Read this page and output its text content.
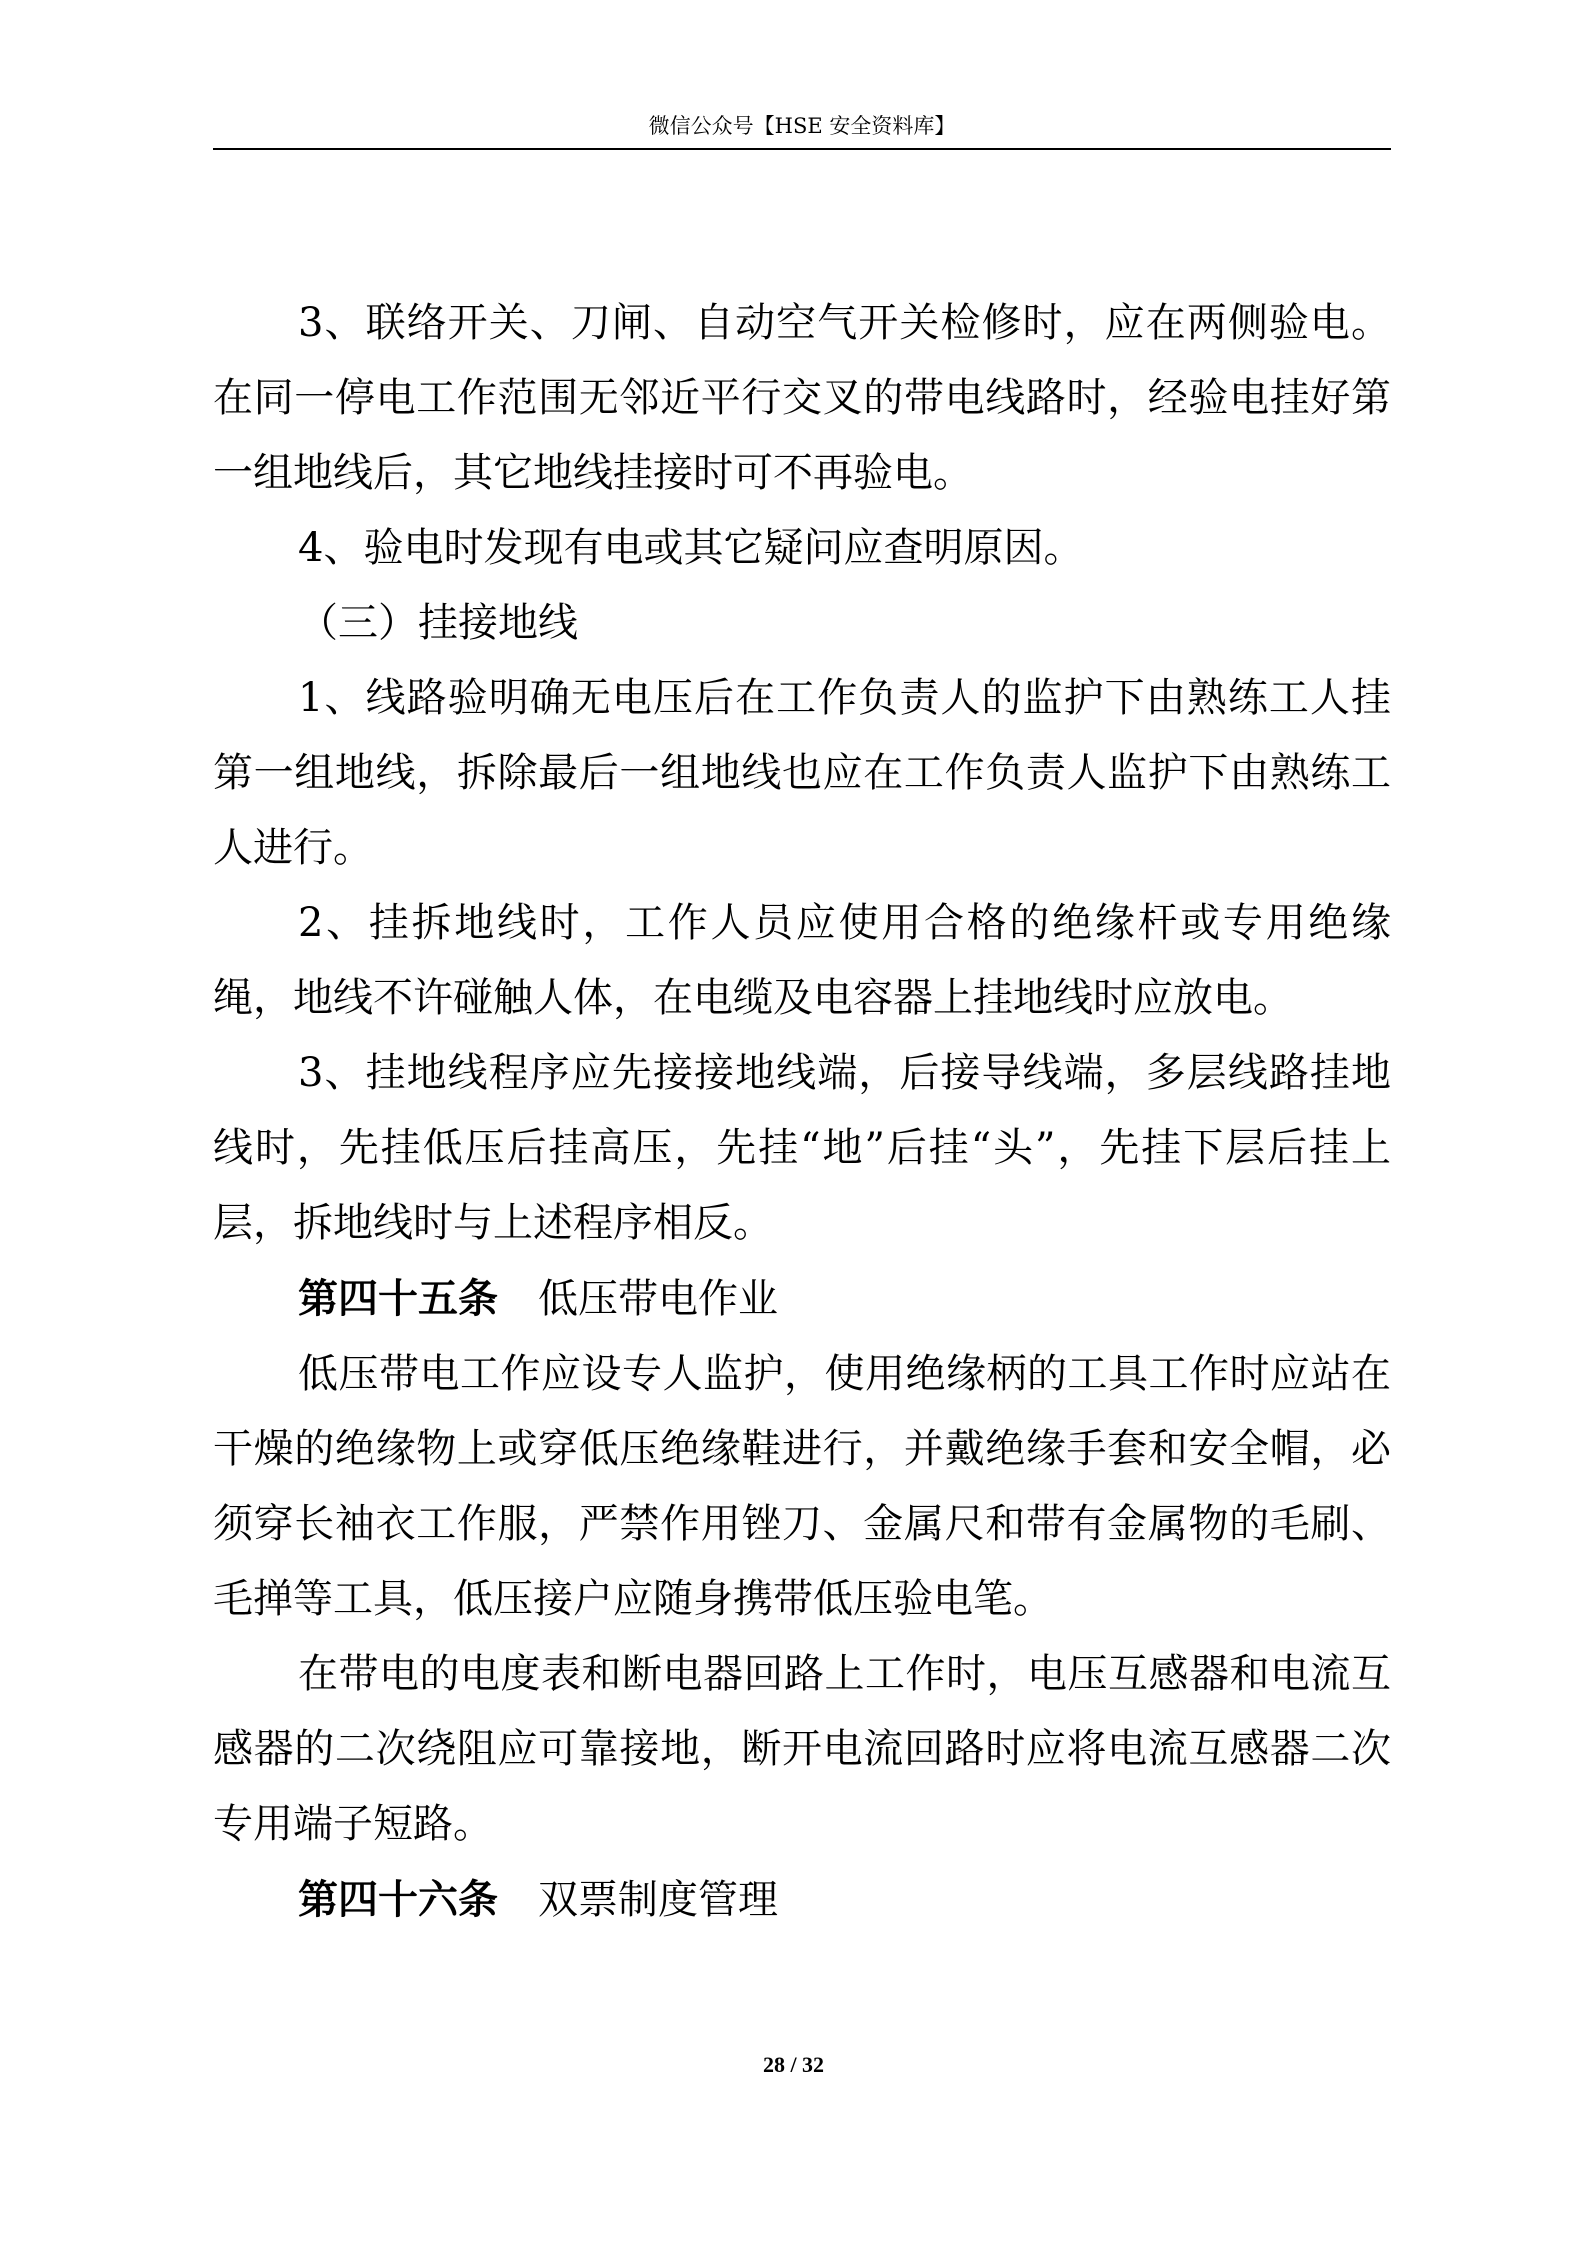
微信公众号【HSE 安全资料库】

3、联络开关、刀闸、自动空气开关检修时，应在两侧验电。在同一停电工作范围无邻近平行交叉的带电线路时，经验电挂好第一组地线后，其它地线挂接时可不再验电。

4、验电时发现有电或其它疑问应查明原因。

（三）挂接地线

1、线路验明确无电压后在工作负责人的监护下由熟练工人挂第一组地线，拆除最后一组地线也应在工作负责人监护下由熟练工人进行。

2、挂拆地线时，工作人员应使用合格的绝缘杆或专用绝缘绳，地线不许碰触人体，在电缆及电容器上挂地线时应放电。

3、挂地线程序应先接接地线端，后接导线端，多层线路挂地线时，先挂低压后挂高压，先挂“地”后挂“头”，先挂下层后挂上层，拆地线时与上述程序相反。

第四十五条 低压带电作业

低压带电工作应设专人监护，使用绝缘柄的工具工作时应站在干燥的绝缘物上或穿低压绝缘鞋进行，并戴绝缘手套和安全帽，必须穿长袖衣工作服，严禁作用锉刀、金属尺和带有金属物的毛刷、毛掸等工具，低压接户应随身携带低压验电笔。

在带电的电度表和断电器回路上工作时，电压互感器和电流互感器的二次绕阻应可靠接地，断开电流回路时应将电流互感器二次专用端子短路。

第四十六条 双票制度管理

28 / 32
